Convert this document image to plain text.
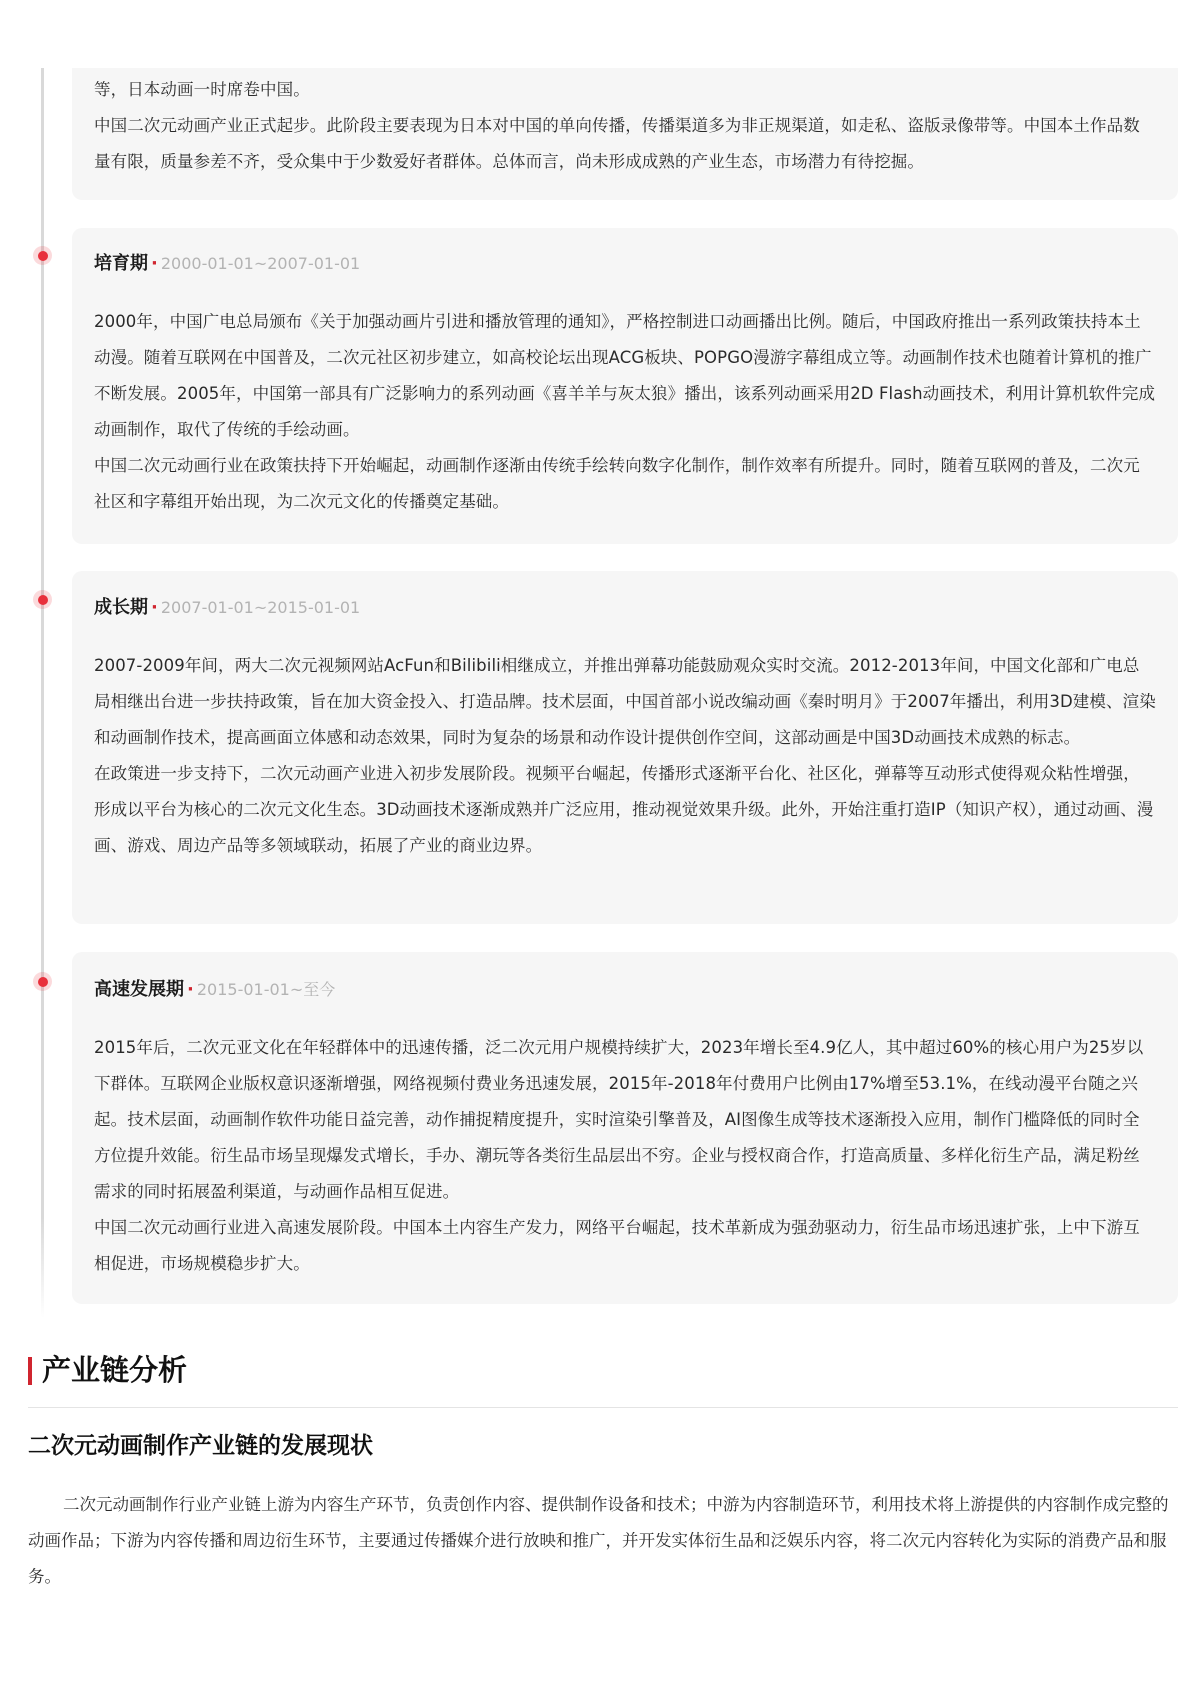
等，日本动画一时席卷中国。

中国二次元动画产业正式起步。此阶段主要表现为日本对中国的单向传播，传播渠道多为非正规渠道，如走私、盗版录像带等。中国本土作品数量有限，质量参差不齐，受众集中于少数爱好者群体。总体而言，尚未形成成熟的产业生态，市场潜力有待挖掘。

培育期 · 2000-01-01~2007-01-01

2000年，中国广电总局颁布《关于加强动画片引进和播放管理的通知》，严格控制进口动画播出比例。随后，中国政府推出一系列政策扶持本土动漫。随着互联网在中国普及，二次元社区初步建立，如高校论坛出现ACG板块、POPGO漫游字幕组成立等。动画制作技术也随着计算机的推广不断发展。2005年，中国第一部具有广泛影响力的系列动画《喜羊羊与灰太狼》播出，该系列动画采用2D Flash动画技术，利用计算机软件完成动画制作，取代了传统的手绘动画。

中国二次元动画行业在政策扶持下开始崛起，动画制作逐渐由传统手绘转向数字化制作，制作效率有所提升。同时，随着互联网的普及，二次元社区和字幕组开始出现，为二次元文化的传播奠定基础。

成长期 · 2007-01-01~2015-01-01

2007-2009年间，两大二次元视频网站AcFun和Bilibili相继成立，并推出弹幕功能鼓励观众实时交流。2012-2013年间，中国文化部和广电总局相继出台进一步扶持政策，旨在加大资金投入、打造品牌。技术层面，中国首部小说改编动画《秦时明月》于2007年播出，利用3D建模、渲染和动画制作技术，提高画面立体感和动态效果，同时为复杂的场景和动作设计提供创作空间，这部动画是中国3D动画技术成熟的标志。

在政策进一步支持下，二次元动画产业进入初步发展阶段。视频平台崛起，传播形式逐渐平台化、社区化，弹幕等互动形式使得观众粘性增强，形成以平台为核心的二次元文化生态。3D动画技术逐渐成熟并广泛应用，推动视觉效果升级。此外，开始注重打造IP（知识产权），通过动画、漫画、游戏、周边产品等多领域联动，拓展了产业的商业边界。

高速发展期 · 2015-01-01~至今

2015年后，二次元亚文化在年轻群体中的迅速传播，泛二次元用户规模持续扩大，2023年增长至4.9亿人，其中超过60%的核心用户为25岁以下群体。互联网企业版权意识逐渐增强，网络视频付费业务迅速发展，2015年-2018年付费用户比例由17%增至53.1%，在线动漫平台随之兴起。技术层面，动画制作软件功能日益完善，动作捕捉精度提升，实时渲染引擎普及，AI图像生成等技术逐渐投入应用，制作门槛降低的同时全方位提升效能。衍生品市场呈现爆发式增长，手办、潮玩等各类衍生品层出不穷。企业与授权商合作，打造高质量、多样化衍生产品，满足粉丝需求的同时拓展盈利渠道，与动画作品相互促进。

中国二次元动画行业进入高速发展阶段。中国本土内容生产发力，网络平台崛起，技术革新成为强劲驱动力，衍生品市场迅速扩张，上中下游互相促进，市场规模稳步扩大。

产业链分析
二次元动画制作产业链的发展现状

二次元动画制作行业产业链上游为内容生产环节，负责创作内容、提供制作设备和技术；中游为内容制造环节，利用技术将上游提供的内容制作成完整的动画作品；下游为内容传播和周边衍生环节，主要通过传播媒介进行放映和推广，并开发实体衍生品和泛娱乐内容，将二次元内容转化为实际的消费产品和服务。
